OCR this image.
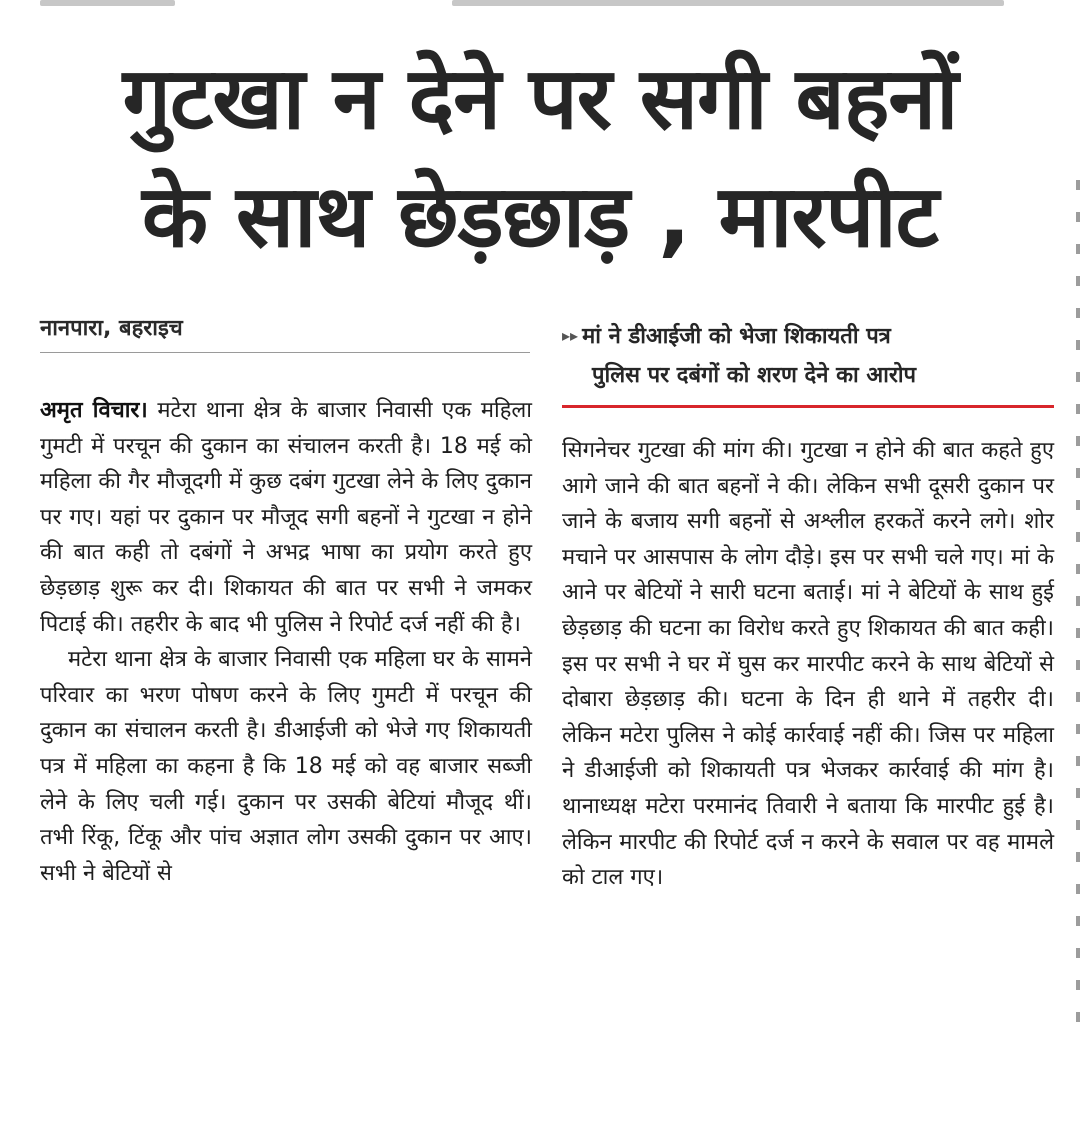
गुटखा न देने पर सगी बहनों
के साथ छेड़छाड़ , मारपीट
नानपारा, बहराइच	▸▸ मां ने डीआईजी को भेजा शिकायती पत्र
पुलिस पर दबंगों को शरण देने का आरोप

अमृत विचार। मटेरा थाना क्षेत्र के बाजार निवासी एक महिला गुमटी में परचून की दुकान का संचालन करती है। 18 मई को महिला की गैर मौजूदगी में कुछ दबंग गुटखा लेने के लिए दुकान पर गए। यहां पर दुकान पर मौजूद सगी बहनों ने गुटखा न होने की बात कही तो दबंगों ने अभद्र भाषा का प्रयोग करते हुए छेड़छाड़ शुरू कर दी। शिकायत की बात पर सभी ने जमकर पिटाई की। तहरीर के बाद भी पुलिस ने रिपोर्ट दर्ज नहीं की है।

मटेरा थाना क्षेत्र के बाजार निवासी एक महिला घर के सामने परिवार का भरण पोषण करने के लिए गुमटी में परचून की दुकान का संचालन करती है। डीआईजी को भेजे गए शिकायती पत्र में महिला का कहना है कि 18 मई को वह बाजार सब्जी लेने के लिए चली गई। दुकान पर उसकी बेटियां मौजूद थीं। तभी रिंकू, टिंकू और पांच अज्ञात लोग उसकी दुकान पर आए। सभी ने बेटियों से

सिगनेचर गुटखा की मांग की। गुटखा न होने की बात कहते हुए आगे जाने की बात बहनों ने की। लेकिन सभी दूसरी दुकान पर जाने के बजाय सगी बहनों से अश्लील हरकतें करने लगे। शोर मचाने पर आसपास के लोग दौड़े। इस पर सभी चले गए। मां के आने पर बेटियों ने सारी घटना बताई। मां ने बेटियों के साथ हुई छेड़छाड़ की घटना का विरोध करते हुए शिकायत की बात कही। इस पर सभी ने घर में घुस कर मारपीट करने के साथ बेटियों से दोबारा छेड़छाड़ की। घटना के दिन ही थाने में तहरीर दी। लेकिन मटेरा पुलिस ने कोई कार्रवाई नहीं की। जिस पर महिला ने डीआईजी को शिकायती पत्र भेजकर कार्रवाई की मांग है। थानाध्यक्ष मटेरा परमानंद तिवारी ने बताया कि मारपीट हुई है। लेकिन मारपीट की रिपोर्ट दर्ज न करने के सवाल पर वह मामले को टाल गए।
